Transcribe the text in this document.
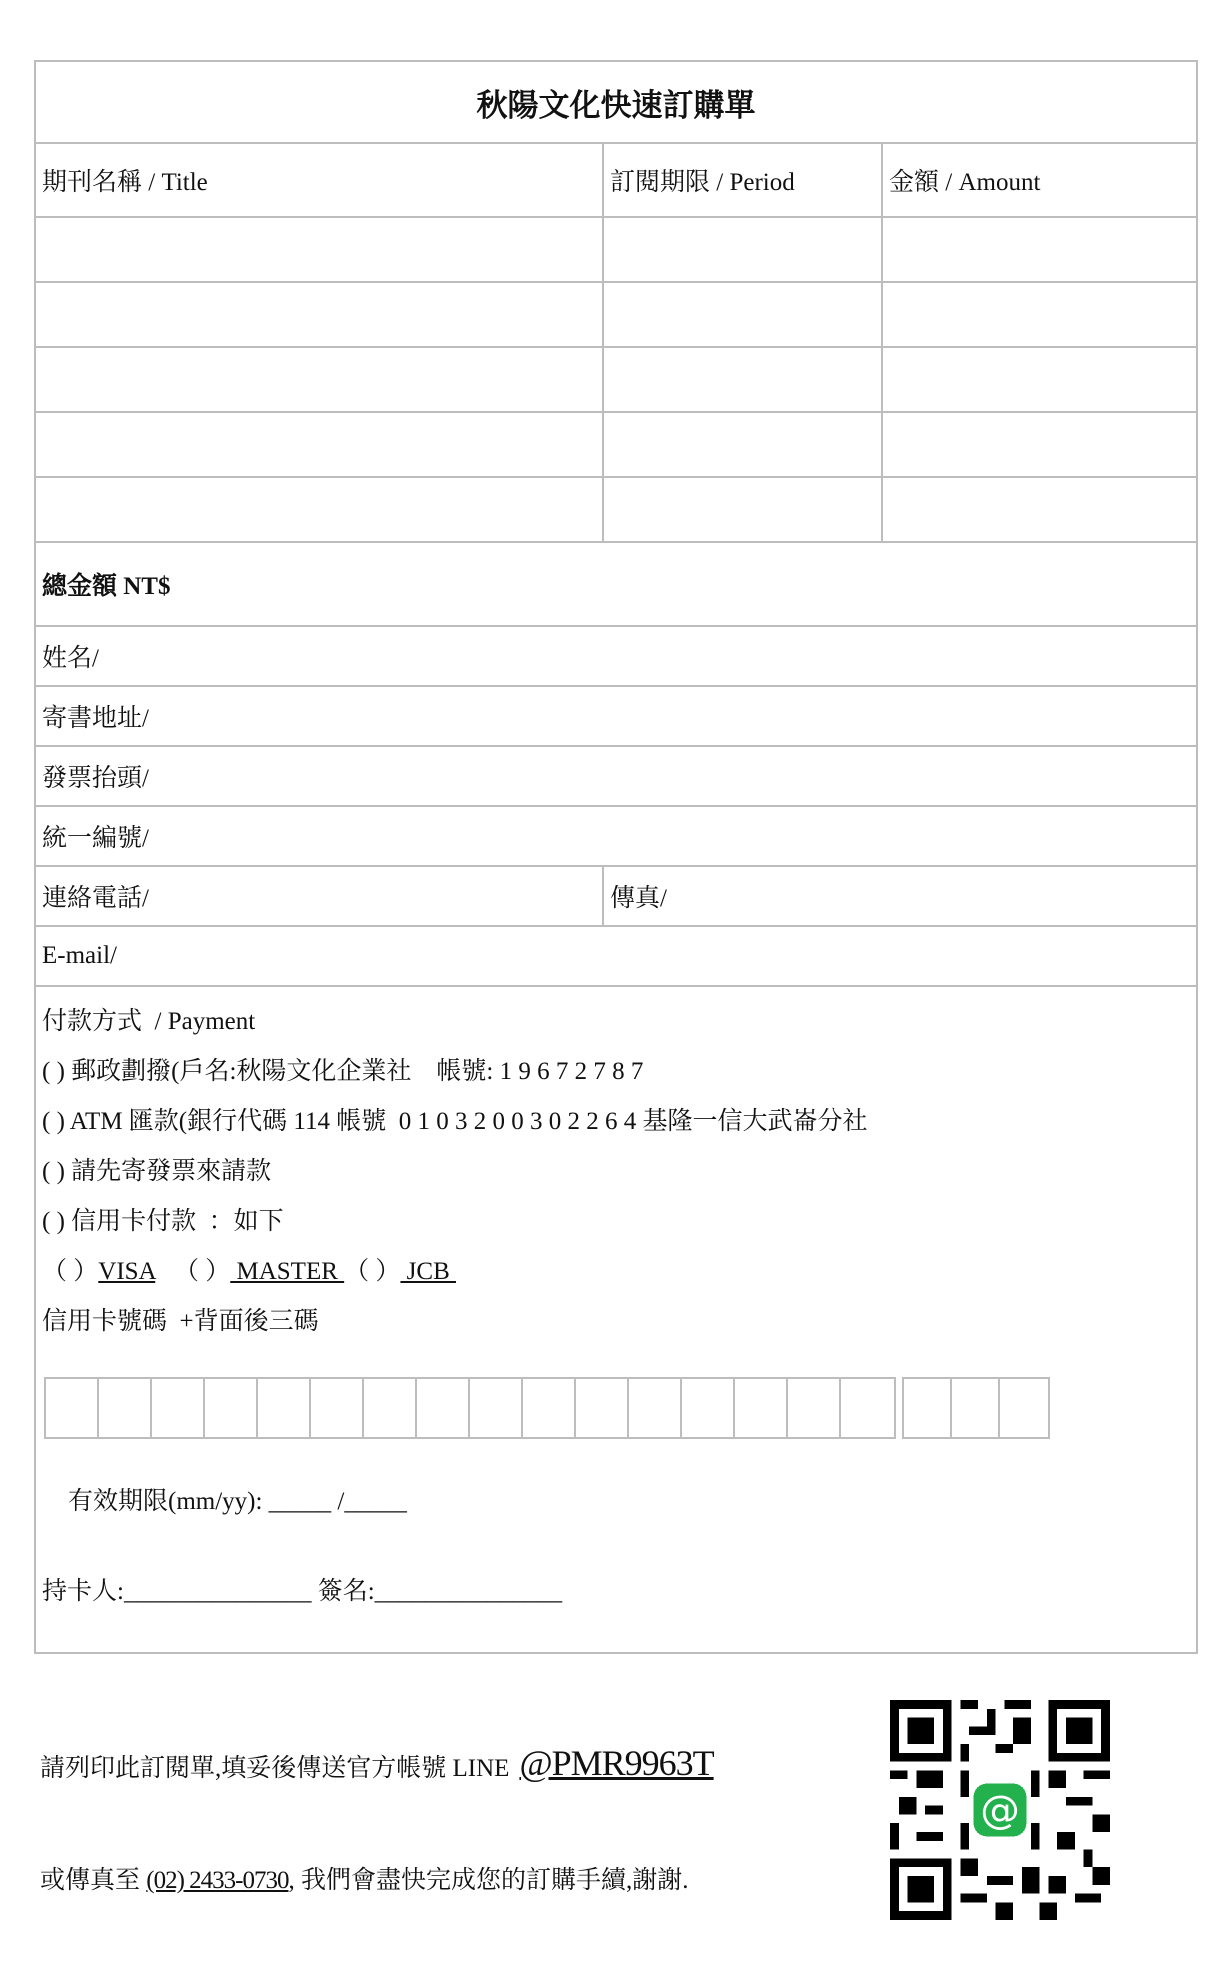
秋陽文化快速訂購單
期刊名稱 / Title	訂閱期限 / Period	金額 / Amount
總金額 NT$
姓名/
寄書地址/
發票抬頭/
統一編號/
連絡電話/	傳真/
E-mail/

付款方式  / Payment

( ) 郵政劃撥(戶名:秋陽文化企業社    帳號: 1 9 6 7 2 7 8 7

( ) ATM 匯款(銀行代碼 114 帳號  0 1 0 3 2 0 0 3 0 2 2 6 4 基隆一信大武崙分社

( ) 請先寄發票來請款

( ) 信用卡付款  ：如下

（ ）VISA （ ） MASTER （ ） JCB

信用卡號碼  +背面後三碼

有效期限(mm/yy): _____ /_____
持卡人:_______________ 簽名:_______________
請列印此訂閱單,填妥後傳送官方帳號 LINE @PMR9963T
或傳真至 (02) 2433-0730, 我們會盡快完成您的訂購手續,謝謝.
@
